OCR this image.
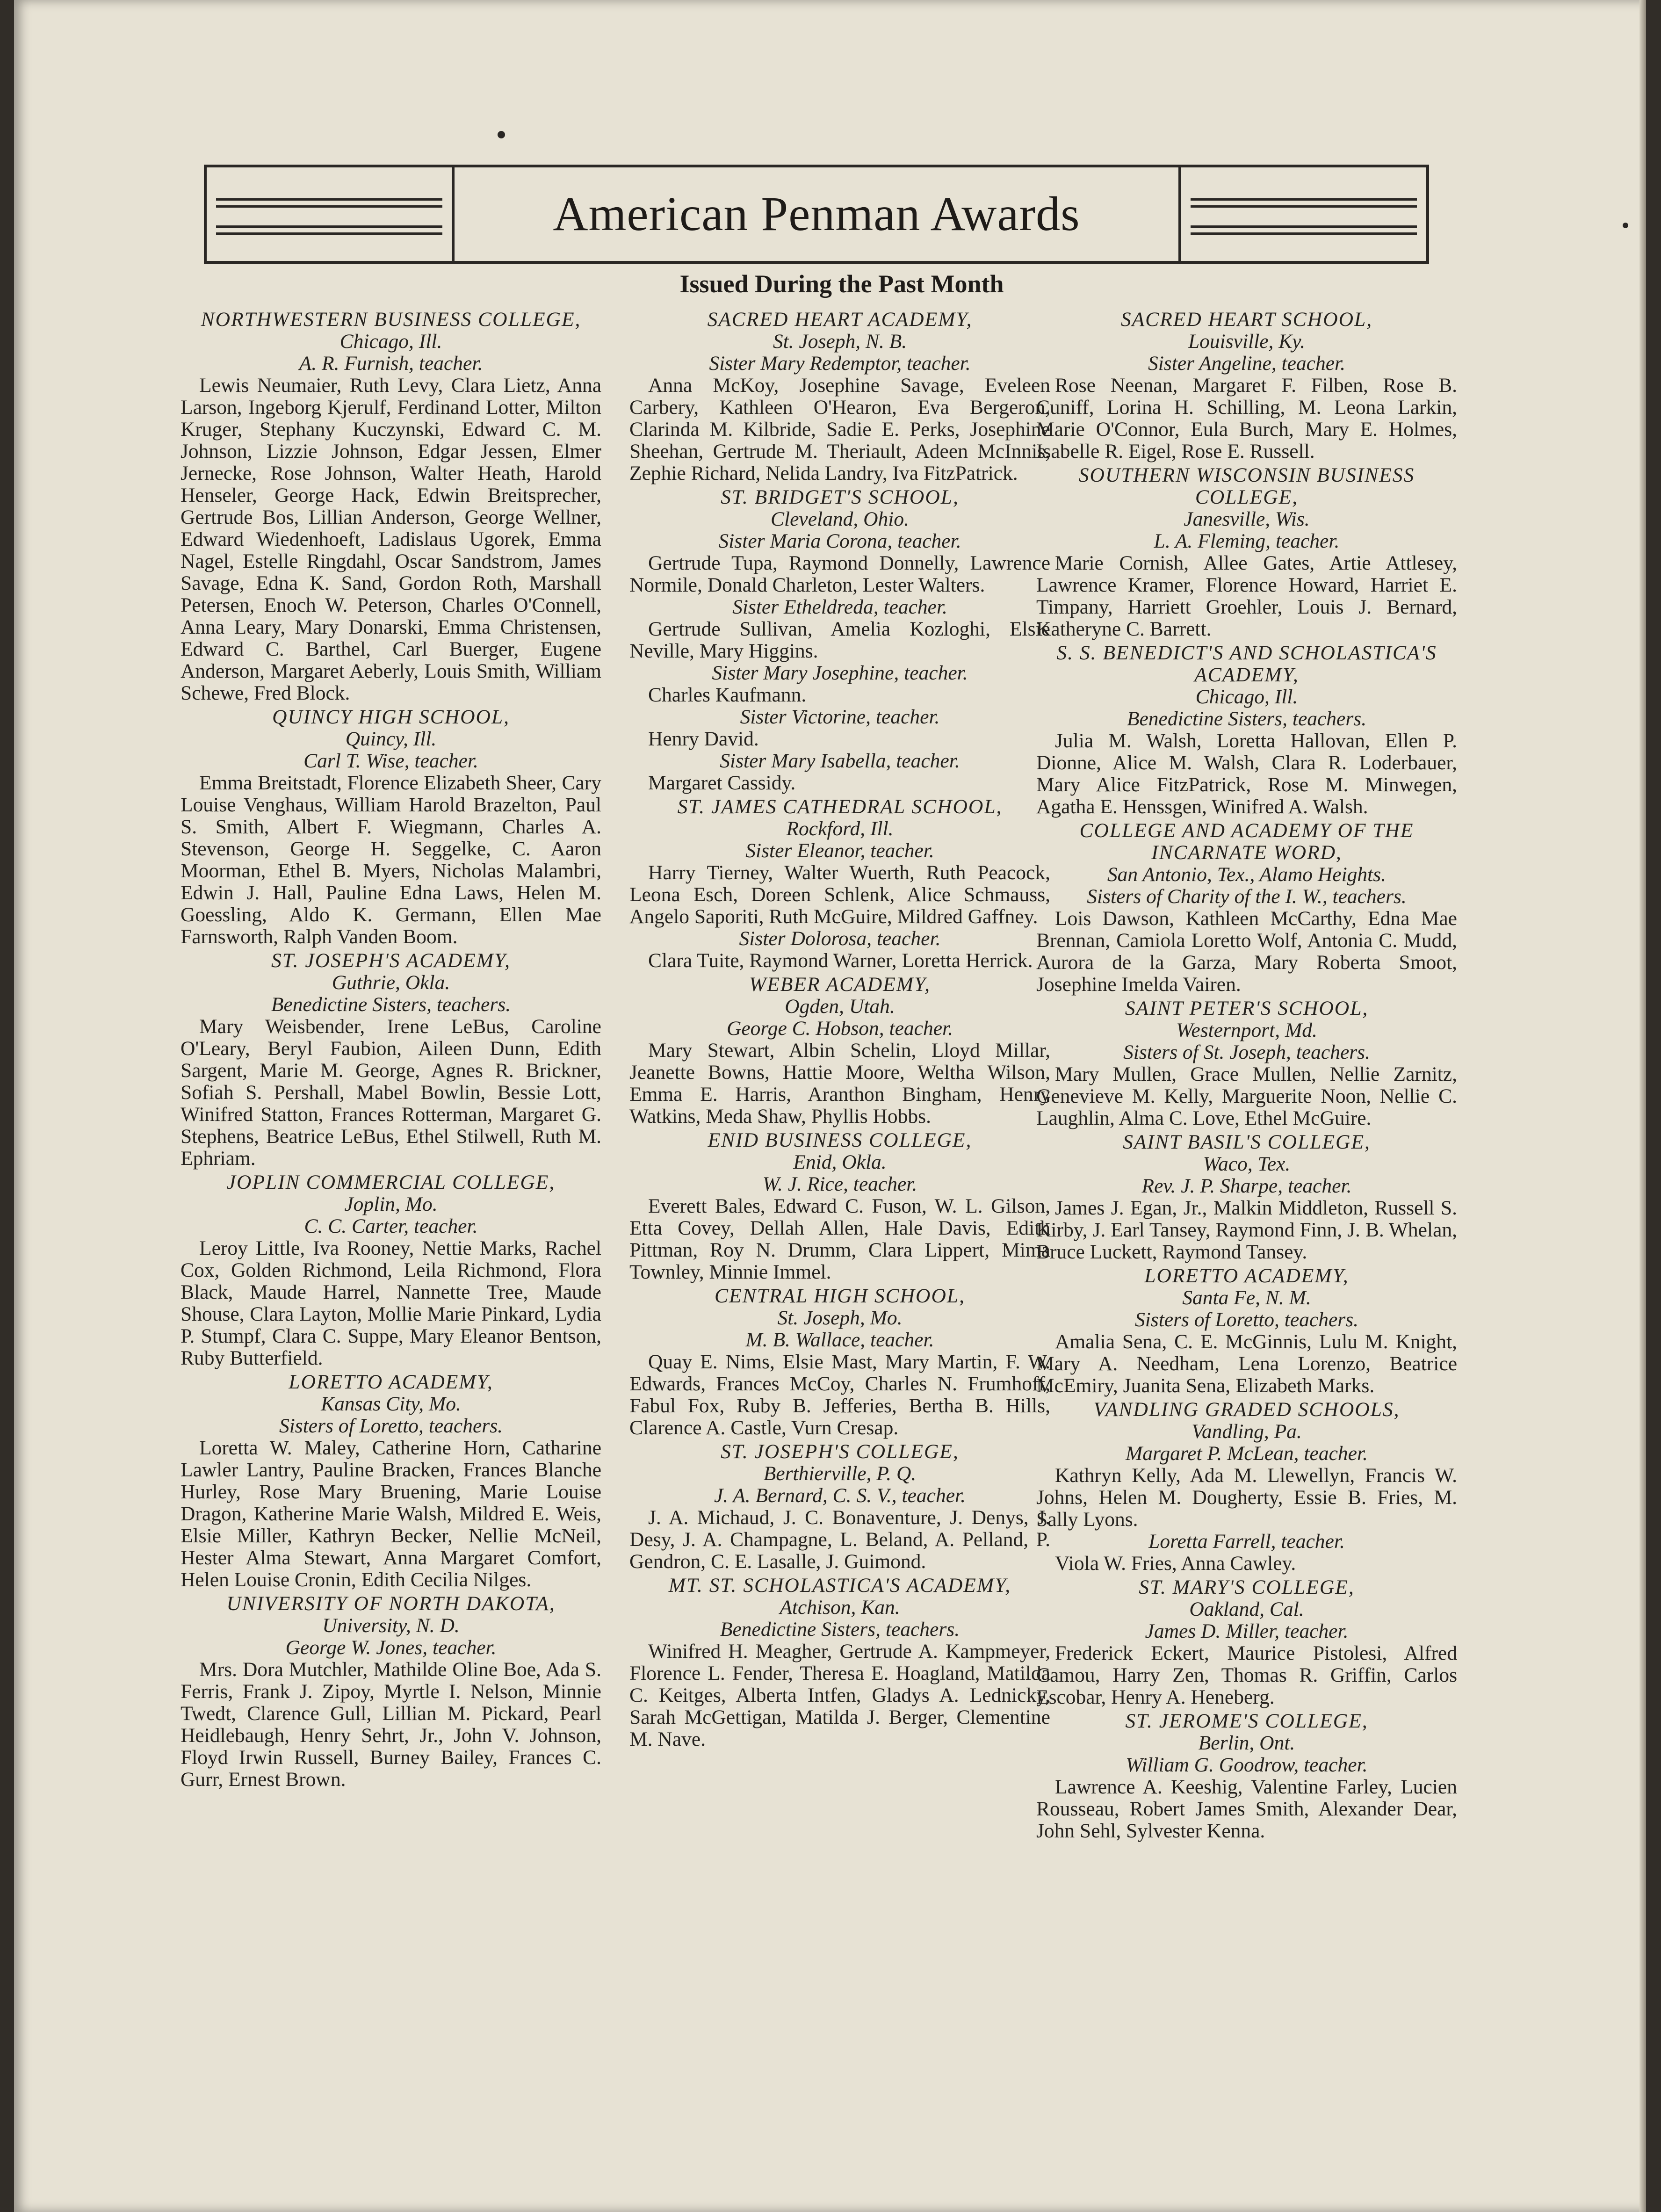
American Penman Awards
Issued During the Past Month

NORTHWESTERN BUSINESS COLLEGE,

Chicago, Ill.

A. R. Furnish, teacher.

Lewis Neumaier, Ruth Levy, Clara Lietz, Anna Larson, Ingeborg Kjerulf, Ferdinand Lotter, Milton Kruger, Stephany Kuczynski, Edward C. M. Johnson, Lizzie Johnson, Edgar Jessen, Elmer Jernecke, Rose Johnson, Walter Heath, Harold Henseler, George Hack, Edwin Breitsprecher, Gertrude Bos, Lillian Anderson, George Wellner, Edward Wiedenhoeft, Ladislaus Ugorek, Emma Nagel, Estelle Ringdahl, Oscar Sandstrom, James Savage, Edna K. Sand, Gordon Roth, Marshall Petersen, Enoch W. Peterson, Charles O'Connell, Anna Leary, Mary Donarski, Emma Christensen, Edward C. Barthel, Carl Buerger, Eugene Anderson, Margaret Aeberly, Louis Smith, William Schewe, Fred Block.

QUINCY HIGH SCHOOL,

Quincy, Ill.

Carl T. Wise, teacher.

Emma Breitstadt, Florence Elizabeth Sheer, Cary Louise Venghaus, William Harold Brazelton, Paul S. Smith, Albert F. Wiegmann, Charles A. Stevenson, George H. Seggelke, C. Aaron Moorman, Ethel B. Myers, Nicholas Malambri, Edwin J. Hall, Pauline Edna Laws, Helen M. Goessling, Aldo K. Germann, Ellen Mae Farnsworth, Ralph Vanden Boom.

ST. JOSEPH'S ACADEMY,

Guthrie, Okla.

Benedictine Sisters, teachers.

Mary Weisbender, Irene LeBus, Caroline O'Leary, Beryl Faubion, Aileen Dunn, Edith Sargent, Marie M. George, Agnes R. Brickner, Sofiah S. Pershall, Mabel Bowlin, Bessie Lott, Winifred Statton, Frances Rotterman, Margaret G. Stephens, Beatrice LeBus, Ethel Stilwell, Ruth M. Ephriam.

JOPLIN COMMERCIAL COLLEGE,

Joplin, Mo.

C. C. Carter, teacher.

Leroy Little, Iva Rooney, Nettie Marks, Rachel Cox, Golden Richmond, Leila Richmond, Flora Black, Maude Harrel, Nannette Tree, Maude Shouse, Clara Layton, Mollie Marie Pinkard, Lydia P. Stumpf, Clara C. Suppe, Mary Eleanor Bentson, Ruby Butterfield.

LORETTO ACADEMY,

Kansas City, Mo.

Sisters of Loretto, teachers.

Loretta W. Maley, Catherine Horn, Catharine Lawler Lantry, Pauline Bracken, Frances Blanche Hurley, Rose Mary Bruening, Marie Louise Dragon, Katherine Marie Walsh, Mildred E. Weis, Elsie Miller, Kathryn Becker, Nellie McNeil, Hester Alma Stewart, Anna Margaret Comfort, Helen Louise Cronin, Edith Cecilia Nilges.

UNIVERSITY OF NORTH DAKOTA,

University, N. D.

George W. Jones, teacher.

Mrs. Dora Mutchler, Mathilde Oline Boe, Ada S. Ferris, Frank J. Zipoy, Myrtle I. Nelson, Minnie Twedt, Clarence Gull, Lillian M. Pickard, Pearl Heidlebaugh, Henry Sehrt, Jr., John V. Johnson, Floyd Irwin Russell, Burney Bailey, Frances C. Gurr, Ernest Brown.

SACRED HEART ACADEMY,

St. Joseph, N. B.

Sister Mary Redemptor, teacher.

Anna McKoy, Josephine Savage, Eveleen Carbery, Kathleen O'Hearon, Eva Bergeron, Clarinda M. Kilbride, Sadie E. Perks, Josephine Sheehan, Gertrude M. Theriault, Adeen McInnis, Zephie Richard, Nelida Landry, Iva FitzPatrick.

ST. BRIDGET'S SCHOOL,

Cleveland, Ohio.

Sister Maria Corona, teacher.

Gertrude Tupa, Raymond Donnelly, Lawrence Normile, Donald Charleton, Lester Walters.

Sister Etheldreda, teacher.

Gertrude Sullivan, Amelia Kozloghi, Elsie Neville, Mary Higgins.

Sister Mary Josephine, teacher.

Charles Kaufmann.

Sister Victorine, teacher.

Henry David.

Sister Mary Isabella, teacher.

Margaret Cassidy.

ST. JAMES CATHEDRAL SCHOOL,

Rockford, Ill.

Sister Eleanor, teacher.

Harry Tierney, Walter Wuerth, Ruth Peacock, Leona Esch, Doreen Schlenk, Alice Schmauss, Angelo Saporiti, Ruth McGuire, Mildred Gaffney.

Sister Dolorosa, teacher.

Clara Tuite, Raymond Warner, Loretta Herrick.

WEBER ACADEMY,

Ogden, Utah.

George C. Hobson, teacher.

Mary Stewart, Albin Schelin, Lloyd Millar, Jeanette Bowns, Hattie Moore, Weltha Wilson, Emma E. Harris, Aranthon Bingham, Henry Watkins, Meda Shaw, Phyllis Hobbs.

ENID BUSINESS COLLEGE,

Enid, Okla.

W. J. Rice, teacher.

Everett Bales, Edward C. Fuson, W. L. Gilson, Etta Covey, Dellah Allen, Hale Davis, Edith Pittman, Roy N. Drumm, Clara Lippert, Mima Townley, Minnie Immel.

CENTRAL HIGH SCHOOL,

St. Joseph, Mo.

M. B. Wallace, teacher.

Quay E. Nims, Elsie Mast, Mary Martin, F. W. Edwards, Frances McCoy, Charles N. Frumhoff, Fabul Fox, Ruby B. Jefferies, Bertha B. Hills, Clarence A. Castle, Vurn Cresap.

ST. JOSEPH'S COLLEGE,

Berthierville, P. Q.

J. A. Bernard, C. S. V., teacher.

J. A. Michaud, J. C. Bonaventure, J. Denys, J. Desy, J. A. Champagne, L. Beland, A. Pelland, P. Gendron, C. E. Lasalle, J. Guimond.

MT. ST. SCHOLASTICA'S ACADEMY,

Atchison, Kan.

Benedictine Sisters, teachers.

Winifred H. Meagher, Gertrude A. Kampmeyer, Florence L. Fender, Theresa E. Hoagland, Matilda C. Keitges, Alberta Intfen, Gladys A. Lednicky, Sarah McGettigan, Matilda J. Berger, Clementine M. Nave.

SACRED HEART SCHOOL,

Louisville, Ky.

Sister Angeline, teacher.

Rose Neenan, Margaret F. Filben, Rose B. Cuniff, Lorina H. Schilling, M. Leona Larkin, Marie O'Connor, Eula Burch, Mary E. Holmes, Isabelle R. Eigel, Rose E. Russell.

SOUTHERN WISCONSIN BUSINESS COLLEGE,

Janesville, Wis.

L. A. Fleming, teacher.

Marie Cornish, Allee Gates, Artie Attlesey, Lawrence Kramer, Florence Howard, Harriet E. Timpany, Harriett Groehler, Louis J. Bernard, Katheryne C. Barrett.

S. S. BENEDICT'S AND SCHOLASTICA'S ACADEMY,

Chicago, Ill.

Benedictine Sisters, teachers.

Julia M. Walsh, Loretta Hallovan, Ellen P. Dionne, Alice M. Walsh, Clara R. Loderbauer, Mary Alice FitzPatrick, Rose M. Minwegen, Agatha E. Henssgen, Winifred A. Walsh.

COLLEGE AND ACADEMY OF THE INCARNATE WORD,

San Antonio, Tex., Alamo Heights.

Sisters of Charity of the I. W., teachers.

Lois Dawson, Kathleen McCarthy, Edna Mae Brennan, Camiola Loretto Wolf, Antonia C. Mudd, Aurora de la Garza, Mary Roberta Smoot, Josephine Imelda Vairen.

SAINT PETER'S SCHOOL,

Westernport, Md.

Sisters of St. Joseph, teachers.

Mary Mullen, Grace Mullen, Nellie Zarnitz, Genevieve M. Kelly, Marguerite Noon, Nellie C. Laughlin, Alma C. Love, Ethel McGuire.

SAINT BASIL'S COLLEGE,

Waco, Tex.

Rev. J. P. Sharpe, teacher.

James J. Egan, Jr., Malkin Middleton, Russell S. Kirby, J. Earl Tansey, Raymond Finn, J. B. Whelan, Bruce Luckett, Raymond Tansey.

LORETTO ACADEMY,

Santa Fe, N. M.

Sisters of Loretto, teachers.

Amalia Sena, C. E. McGinnis, Lulu M. Knight, Mary A. Needham, Lena Lorenzo, Beatrice McEmiry, Juanita Sena, Elizabeth Marks.

VANDLING GRADED SCHOOLS,

Vandling, Pa.

Margaret P. McLean, teacher.

Kathryn Kelly, Ada M. Llewellyn, Francis W. Johns, Helen M. Dougherty, Essie B. Fries, M. Sally Lyons.

Loretta Farrell, teacher.

Viola W. Fries, Anna Cawley.

ST. MARY'S COLLEGE,

Oakland, Cal.

James D. Miller, teacher.

Frederick Eckert, Maurice Pistolesi, Alfred Camou, Harry Zen, Thomas R. Griffin, Carlos Escobar, Henry A. Heneberg.

ST. JEROME'S COLLEGE,

Berlin, Ont.

William G. Goodrow, teacher.

Lawrence A. Keeshig, Valentine Farley, Lucien Rousseau, Robert James Smith, Alexander Dear, John Sehl, Sylvester Kenna.
